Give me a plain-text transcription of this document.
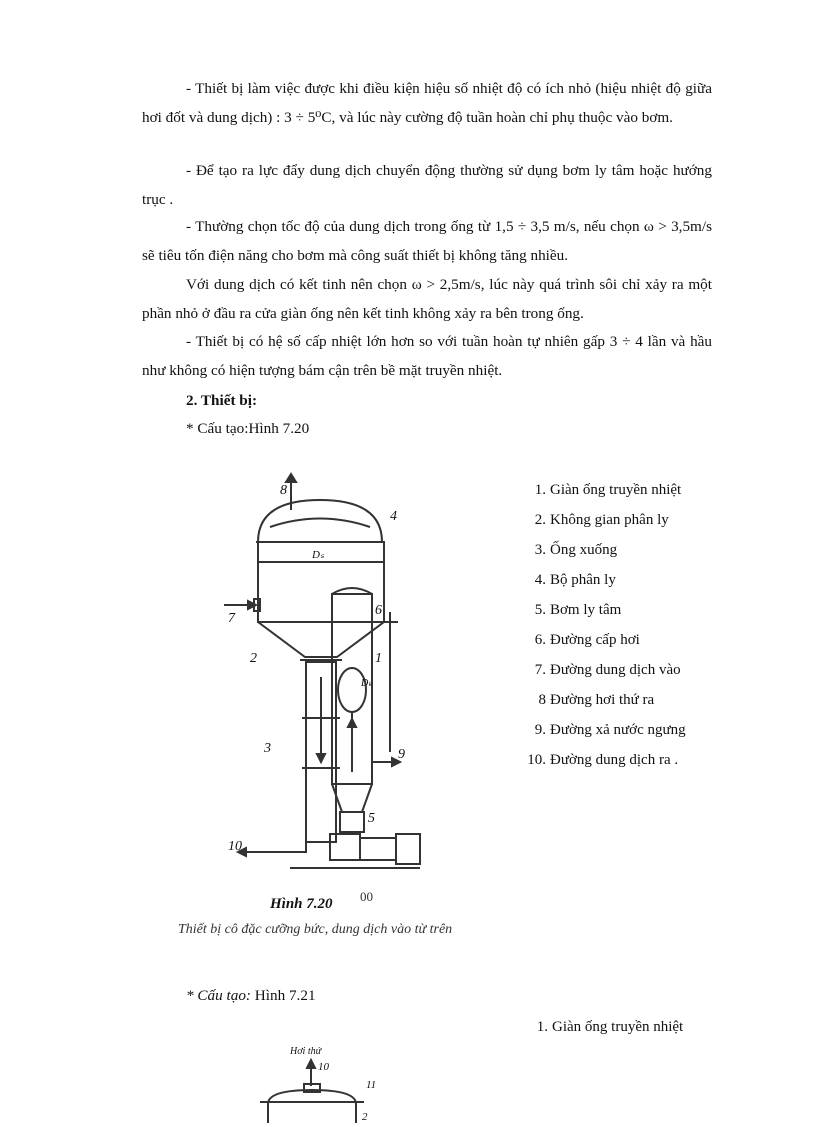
- Thiết bị làm việc được khi điều kiện hiệu số nhiệt độ có ích nhỏ (hiệu nhiệt độ giữa hơi đốt và dung dịch) : 3 ÷ 5⁰C, và lúc này cường độ tuần hoàn chỉ phụ thuộc vào bơm.

- Để tạo ra lực đẩy dung dịch chuyển động thường sử dụng bơm ly tâm hoặc hướng trục .

- Thường chọn tốc độ của dung dịch trong ống từ 1,5 ÷ 3,5 m/s, nếu chọn ω > 3,5m/s sẽ tiêu tốn điện năng cho bơm mà công suất thiết bị không tăng nhiều.

Với dung dịch có kết tinh nên chọn ω > 2,5m/s, lúc này quá trình sôi chỉ xảy ra một phần nhỏ ở đầu ra cửa giàn ống nên kết tinh không xảy ra bên trong ống.

- Thiết bị có hệ số cấp nhiệt lớn hơn so với tuần hoàn tự nhiên gấp 3 ÷ 4 lần và hầu như không có hiện tượng bám cận trên bề mặt truyền nhiệt.

2. Thiết bị:

* Cấu tạo:Hình 7.20

8
4
7
2
6
1
3	9
5
10
Dₛ
Dₖ
1. Giàn ống truyền nhiệt
2. Không gian phân ly
3. Ống xuống
4. Bộ phân ly
5. Bơm ly tâm
6. Đường cấp hơi
7. Đường dung dịch vào
8 Đường hơi thứ ra
9. Đường xả nước ngưng
10. Đường dung dịch ra .
Hình 7.20 00
Thiết bị cô đặc cưỡng bức, dung dịch vào từ trên

* Cấu tạo: Hình 7.21

1. Giàn ống truyền nhiệt
Hơi thứ
10
11
2
